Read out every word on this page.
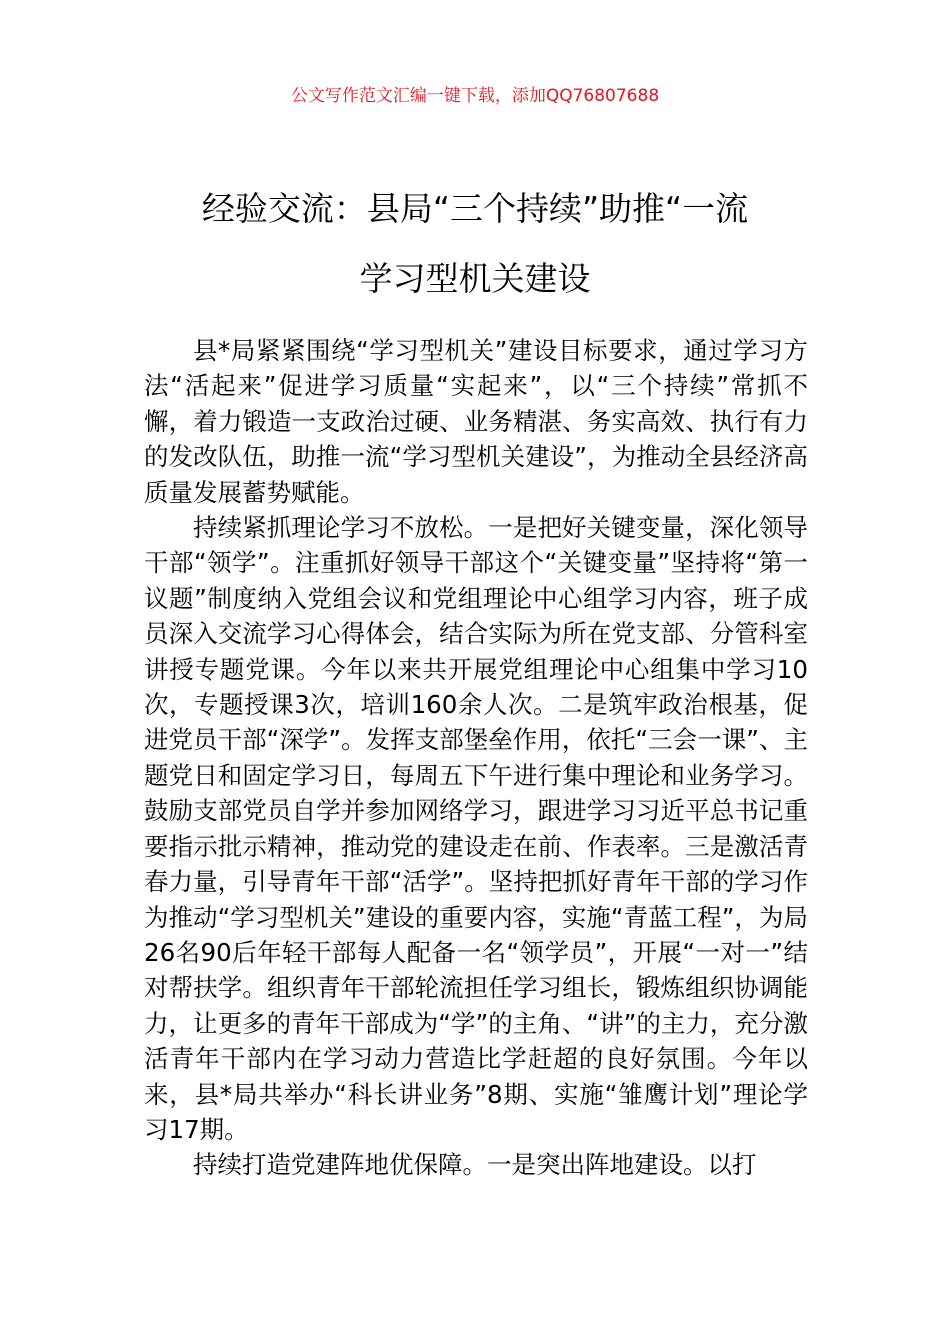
公文写作范文汇编一键下载，添加QQ76807688
经验交流：县局“三个持续”助推“一流
学习型机关建设

县*局紧紧围绕“学习型机关”建设目标要求，通过学习方法“活起来”促进学习质量“实起来”，以“三个持续”常抓不懈，着力锻造一支政治过硬、业务精湛、务实高效、执行有力的发改队伍，助推一流“学习型机关建设”，为推动全县经济高质量发展蓄势赋能。

持续紧抓理论学习不放松。一是把好关键变量，深化领导干部“领学”。注重抓好领导干部这个“关键变量”坚持将“第一议题”制度纳入党组会议和党组理论中心组学习内容，班子成员深入交流学习心得体会，结合实际为所在党支部、分管科室讲授专题党课。今年以来共开展党组理论中心组集中学习10次，专题授课3次，培训160余人次。二是筑牢政治根基，促进党员干部“深学”。发挥支部堡垒作用，依托“三会一课”、主题党日和固定学习日，每周五下午进行集中理论和业务学习。鼓励支部党员自学并参加网络学习，跟进学习习近平总书记重要指示批示精神，推动党的建设走在前、作表率。三是激活青春力量，引导青年干部“活学”。坚持把抓好青年干部的学习作为推动“学习型机关”建设的重要内容，实施“青蓝工程”，为局26名90后年轻干部每人配备一名“领学员”，开展“一对一”结对帮扶学。组织青年干部轮流担任学习组长，锻炼组织协调能力，让更多的青年干部成为“学”的主角、“讲”的主力，充分激活青年干部内在学习动力营造比学赶超的良好氛围。今年以来，县*局共举办“科长讲业务”8期、实施“雏鹰计划”理论学习17期。

持续打造党建阵地优保障。一是突出阵地建设。以打
